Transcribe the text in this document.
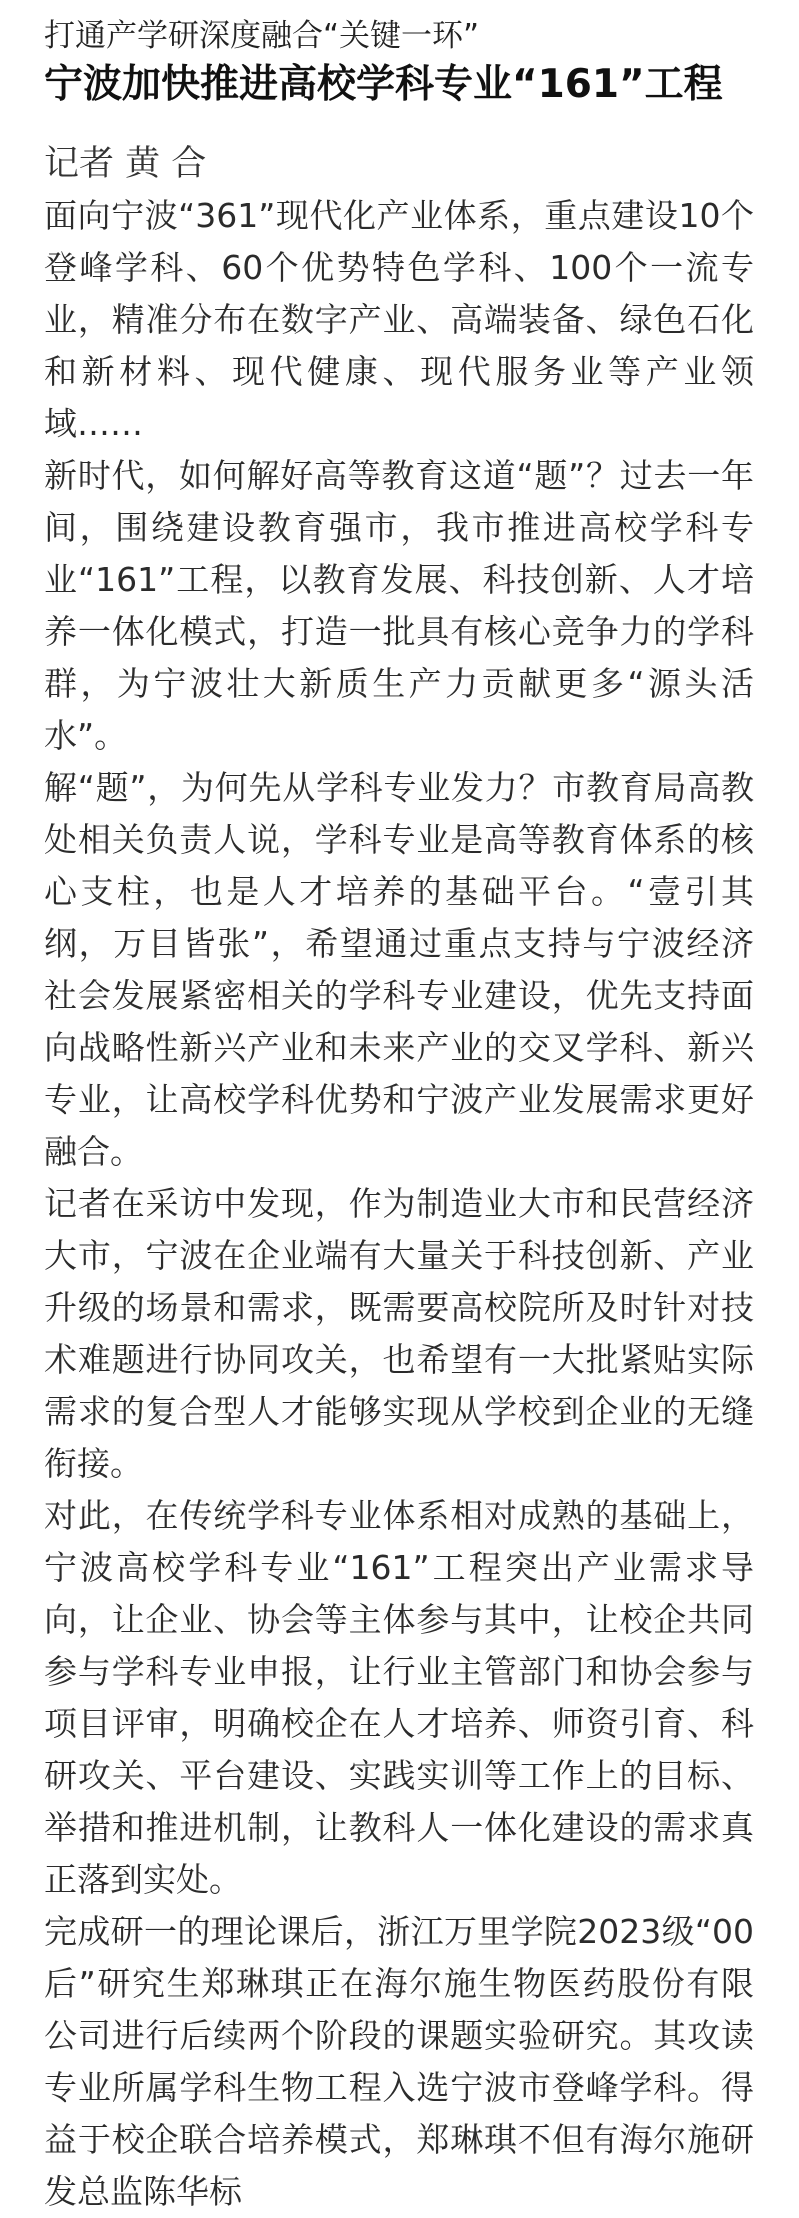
打通产学研深度融合“关键一环”

宁波加快推进高校学科专业“161”工程

记者 黄 合

面向宁波“361”现代化产业体系，重点建设10个登峰学科、60个优势特色学科、100个一流专业，精准分布在数字产业、高端装备、绿色石化和新材料、现代健康、现代服务业等产业领域……

新时代，如何解好高等教育这道“题”？过去一年间，围绕建设教育强市，我市推进高校学科专业“161”工程，以教育发展、科技创新、人才培养一体化模式，打造一批具有核心竞争力的学科群，为宁波壮大新质生产力贡献更多“源头活水”。

解“题”，为何先从学科专业发力？市教育局高教处相关负责人说，学科专业是高等教育体系的核心支柱，也是人才培养的基础平台。“壹引其纲，万目皆张”，希望通过重点支持与宁波经济社会发展紧密相关的学科专业建设，优先支持面向战略性新兴产业和未来产业的交叉学科、新兴专业，让高校学科优势和宁波产业发展需求更好融合。

记者在采访中发现，作为制造业大市和民营经济大市，宁波在企业端有大量关于科技创新、产业升级的场景和需求，既需要高校院所及时针对技术难题进行协同攻关，也希望有一大批紧贴实际需求的复合型人才能够实现从学校到企业的无缝衔接。

对此，在传统学科专业体系相对成熟的基础上，宁波高校学科专业“161”工程突出产业需求导向，让企业、协会等主体参与其中，让校企共同参与学科专业申报，让行业主管部门和协会参与项目评审，明确校企在人才培养、师资引育、科研攻关、平台建设、实践实训等工作上的目标、举措和推进机制，让教科人一体化建设的需求真正落到实处。

完成研一的理论课后，浙江万里学院2023级“00后”研究生郑琳琪正在海尔施生物医药股份有限公司进行后续两个阶段的课题实验研究。其攻读专业所属学科生物工程入选宁波市登峰学科。得益于校企联合培养模式，郑琳琪不但有海尔施研发总监陈华标
